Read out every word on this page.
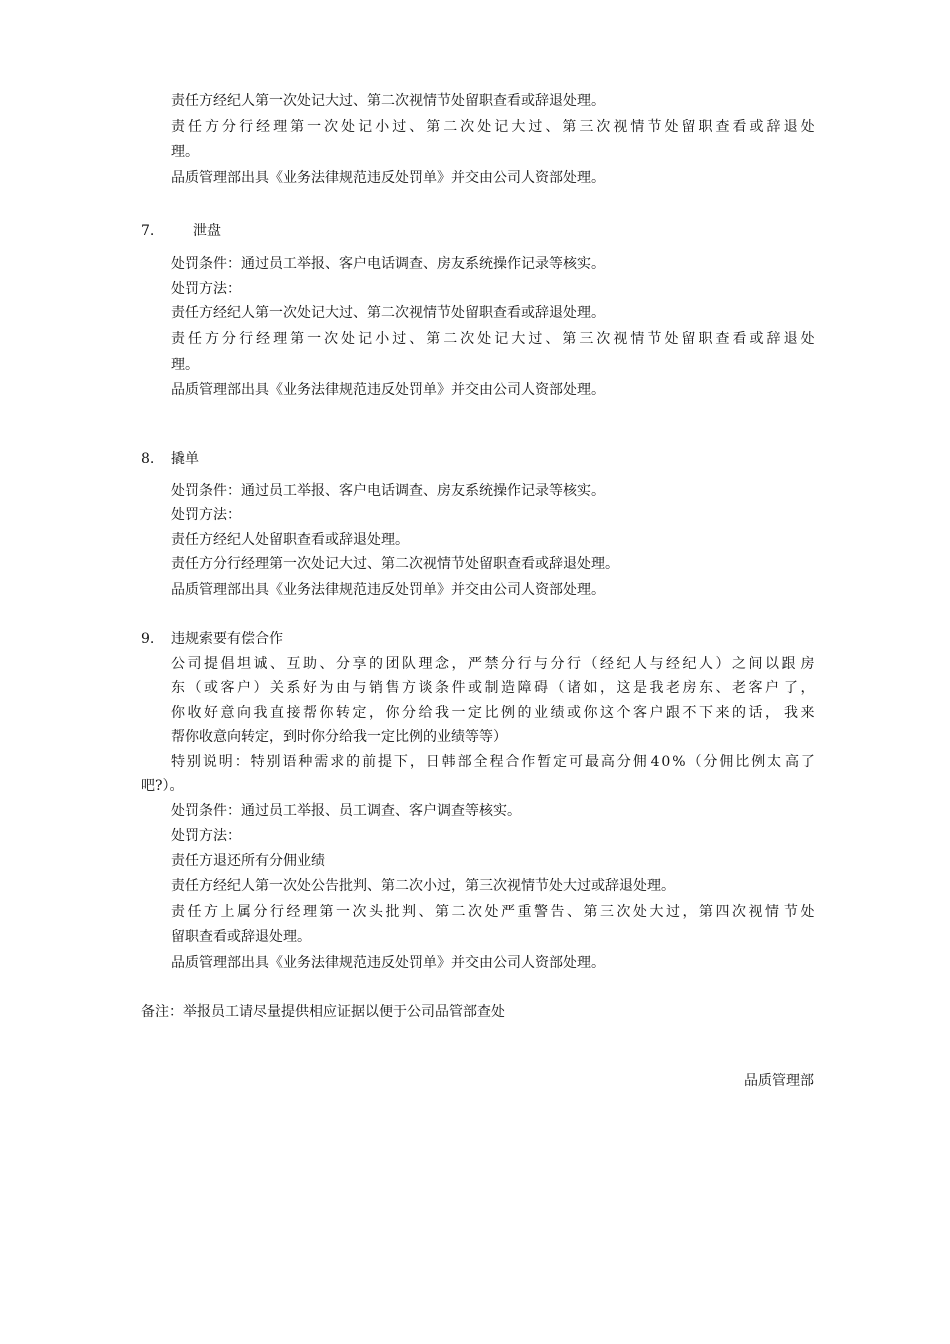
责任方经纪人第一次处记大过、第二次视情节处留职查看或辞退处理。
责 任 方 分 行 经 理 第 一 次 处 记 小 过 、 第 二 次 处 记 大 过 、 第 三 次 视 情 节 处 留 职 查 看 或 辞 退 处
理。
品质管理部出具《业务法律规范违反处罚单》并交由公司人资部处理。
7.	泄盘
处罚条件：通过员工举报、客户电话调查、房友系统操作记录等核实。
处罚方法：
责任方经纪人第一次处记大过、第二次视情节处留职查看或辞退处理。
责 任 方 分 行 经 理 第 一 次 处 记 小 过 、 第 二 次 处 记 大 过 、 第 三 次 视 情 节 处 留 职 查 看 或 辞 退 处
理。
品质管理部出具《业务法律规范违反处罚单》并交由公司人资部处理。
8. 撬单
处罚条件：通过员工举报、客户电话调查、房友系统操作记录等核实。
处罚方法：
责任方经纪人处留职查看或辞退处理。
责任方分行经理第一次处记大过、第二次视情节处留职查看或辞退处理。
品质管理部出具《业务法律规范违反处罚单》并交由公司人资部处理。
9. 违规索要有偿合作
公 司 提 倡 坦 诚 、 互 助 、 分 享 的 团 队 理 念 ， 严 禁 分 行 与 分 行 （ 经 纪 人 与 经 纪 人 ） 之 间 以 跟 房
东 （ 或 客 户 ） 关 系 好 为 由 与 销 售 方 谈 条 件 或 制 造 障 碍 （ 诸 如 ， 这 是 我 老 房 东 、 老 客 户 了 ，
你 收 好 意 向 我 直 接 帮 你 转 定 ， 你 分 给 我 一 定 比 例 的 业 绩 或 你 这 个 客 户 跟 不 下 来 的 话 ， 我 来
帮你收意向转定，到时你分给我一定比例的业绩等等）
特 别 说 明 ： 特 别 语 种 需 求 的 前 提 下 ， 日 韩 部 全 程 合 作 暂 定 可 最 高 分 佣 4 0 % （ 分 佣 比 例 太 高 了
吧?）。
处罚条件：通过员工举报、员工调查、客户调查等核实。
处罚方法：
责任方退还所有分佣业绩
责任方经纪人第一次处公告批判、第二次小过，第三次视情节处大过或辞退处理。
责 任 方 上 属 分 行 经 理 第 一 次 头 批 判 、 第 二 次 处 严 重 警 告 、 第 三 次 处 大 过 ， 第 四 次 视 情 节 处
留职查看或辞退处理。
品质管理部出具《业务法律规范违反处罚单》并交由公司人资部处理。
备注：举报员工请尽量提供相应证据以便于公司品管部查处
品质管理部
